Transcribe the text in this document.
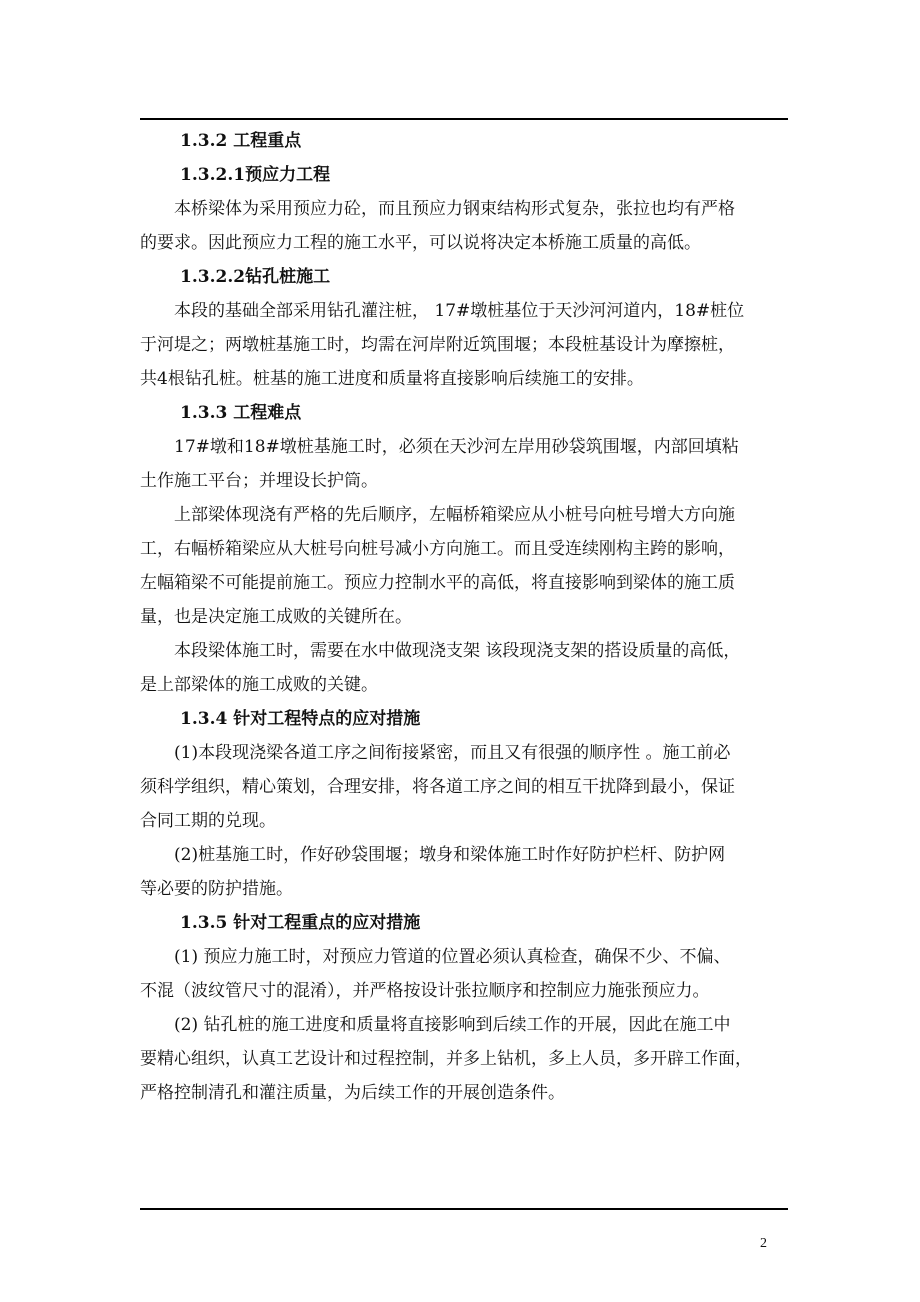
1.3.2 工程重点
1.3.2.1预应力工程
本桥梁体为采用预应力砼，而且预应力钢束结构形式复杂，张拉也均有严格
的要求。因此预应力工程的施工水平，可以说将决定本桥施工质量的高低。
1.3.2.2钻孔桩施工
本段的基础全部采用钻孔灌注桩， 17#墩桩基位于天沙河河道内，18#桩位
于河堤之；两墩桩基施工时，均需在河岸附近筑围堰；本段桩基设计为摩擦桩，
共4根钻孔桩。桩基的施工进度和质量将直接影响后续施工的安排。
1.3.3 工程难点
17#墩和18#墩桩基施工时，必须在天沙河左岸用砂袋筑围堰，内部回填粘
土作施工平台；并埋设长护筒。
上部梁体现浇有严格的先后顺序，左幅桥箱梁应从小桩号向桩号增大方向施
工，右幅桥箱梁应从大桩号向桩号减小方向施工。而且受连续刚构主跨的影响，
左幅箱梁不可能提前施工。预应力控制水平的高低，将直接影响到梁体的施工质
量，也是决定施工成败的关键所在。
本段梁体施工时，需要在水中做现浇支架 该段现浇支架的搭设质量的高低，
是上部梁体的施工成败的关键。
1.3.4 针对工程特点的应对措施
(1)本段现浇梁各道工序之间衔接紧密，而且又有很强的顺序性 。施工前必
须科学组织，精心策划，合理安排，将各道工序之间的相互干扰降到最小，保证
合同工期的兑现。
(2)桩基施工时，作好砂袋围堰；墩身和梁体施工时作好防护栏杆、防护网
等必要的防护措施。
1.3.5 针对工程重点的应对措施
(1) 预应力施工时，对预应力管道的位置必须认真检查，确保不少、不偏、
不混（波纹管尺寸的混淆），并严格按设计张拉顺序和控制应力施张预应力。
(2) 钻孔桩的施工进度和质量将直接影响到后续工作的开展，因此在施工中
要精心组织，认真工艺设计和过程控制，并多上钻机，多上人员，多开辟工作面，
严格控制清孔和灌注质量，为后续工作的开展创造条件。
2
